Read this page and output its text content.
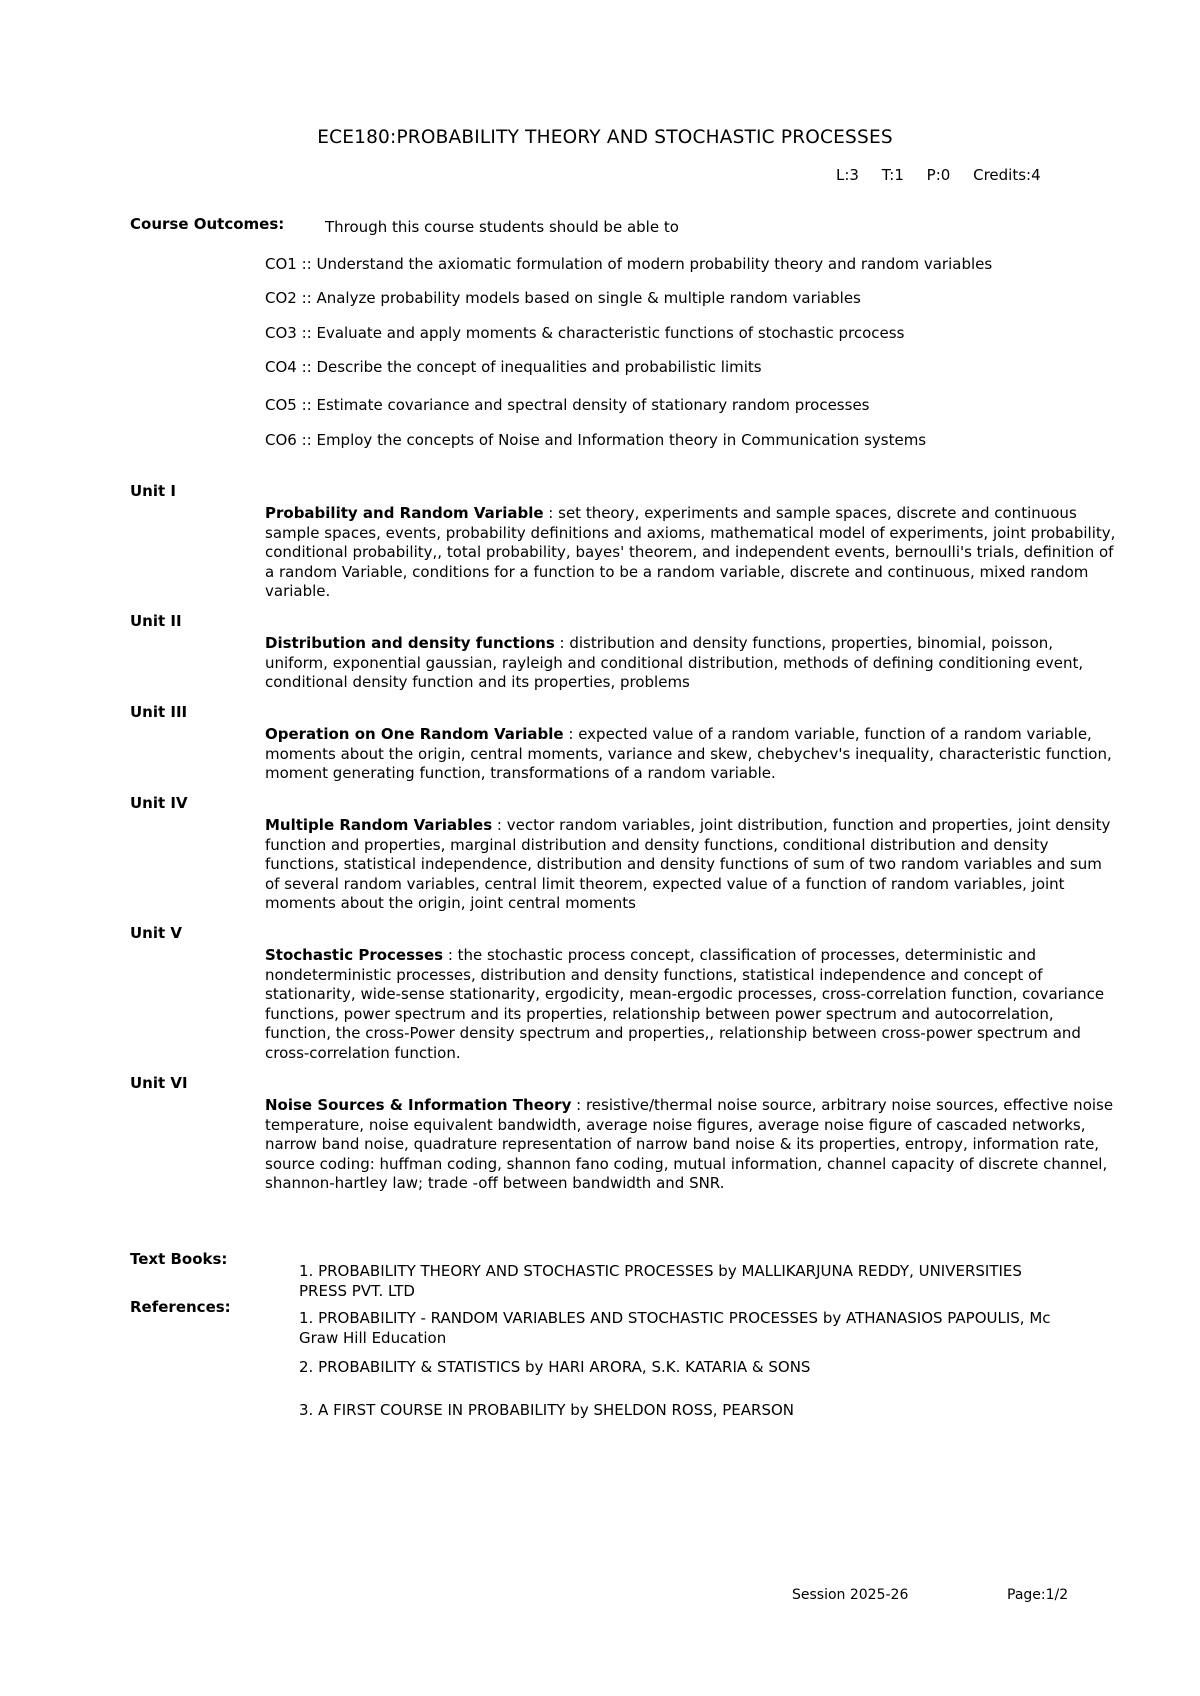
ECE180:PROBABILITY THEORY AND STOCHASTIC PROCESSES
L:3 T:1 P:0 Credits:4
Course Outcomes:	Through this course students should be able to
CO1 :: Understand the axiomatic formulation of modern probability theory and random variables
CO2 :: Analyze probability models based on single & multiple random variables
CO3 :: Evaluate and apply moments & characteristic functions of stochastic prcocess
CO4 :: Describe the concept of inequalities and probabilistic limits
CO5 :: Estimate covariance and spectral density of stationary random processes
CO6 :: Employ the concepts of Noise and Information theory in Communication systems
Unit I
Probability and Random Variable : set theory, experiments and sample spaces, discrete and continuous sample spaces, events, probability definitions and axioms, mathematical model of experiments, joint probability, conditional probability,, total probability, bayes' theorem, and independent events, bernoulli's trials, definition of a random Variable, conditions for a function to be a random variable, discrete and continuous, mixed random variable.
Unit II
Distribution and density functions : distribution and density functions, properties, binomial, poisson, uniform, exponential gaussian, rayleigh and conditional distribution, methods of defining conditioning event, conditional density function and its properties, problems
Unit III
Operation on One Random Variable : expected value of a random variable, function of a random variable, moments about the origin, central moments, variance and skew, chebychev's inequality, characteristic function, moment generating function, transformations of a random variable.
Unit IV
Multiple Random Variables : vector random variables, joint distribution, function and properties, joint density function and properties, marginal distribution and density functions, conditional distribution and density functions, statistical independence, distribution and density functions of sum of two random variables and sum of several random variables, central limit theorem, expected value of a function of random variables, joint moments about the origin, joint central moments
Unit V
Stochastic Processes : the stochastic process concept, classification of processes, deterministic and nondeterministic processes, distribution and density functions, statistical independence and concept of stationarity, wide-sense stationarity, ergodicity, mean-ergodic processes, cross-correlation function, covariance functions, power spectrum and its properties, relationship between power spectrum and autocorrelation, function, the cross-Power density spectrum and properties,, relationship between cross-power spectrum and cross-correlation function.
Unit VI
Noise Sources & Information Theory : resistive/thermal noise source, arbitrary noise sources, effective noise temperature, noise equivalent bandwidth, average noise figures, average noise figure of cascaded networks, narrow band noise, quadrature representation of narrow band noise & its properties, entropy, information rate, source coding: huffman coding, shannon fano coding, mutual information, channel capacity of discrete channel, shannon-hartley law; trade -off between bandwidth and SNR.
Text Books:
1. PROBABILITY THEORY AND STOCHASTIC PROCESSES by MALLIKARJUNA REDDY, UNIVERSITIES PRESS PVT. LTD
References:
1. PROBABILITY - RANDOM VARIABLES AND STOCHASTIC PROCESSES by ATHANASIOS PAPOULIS, Mc Graw Hill Education
2. PROBABILITY & STATISTICS by HARI ARORA, S.K. KATARIA & SONS
3. A FIRST COURSE IN PROBABILITY by SHELDON ROSS, PEARSON
Session 2025-26	Page:1/2
